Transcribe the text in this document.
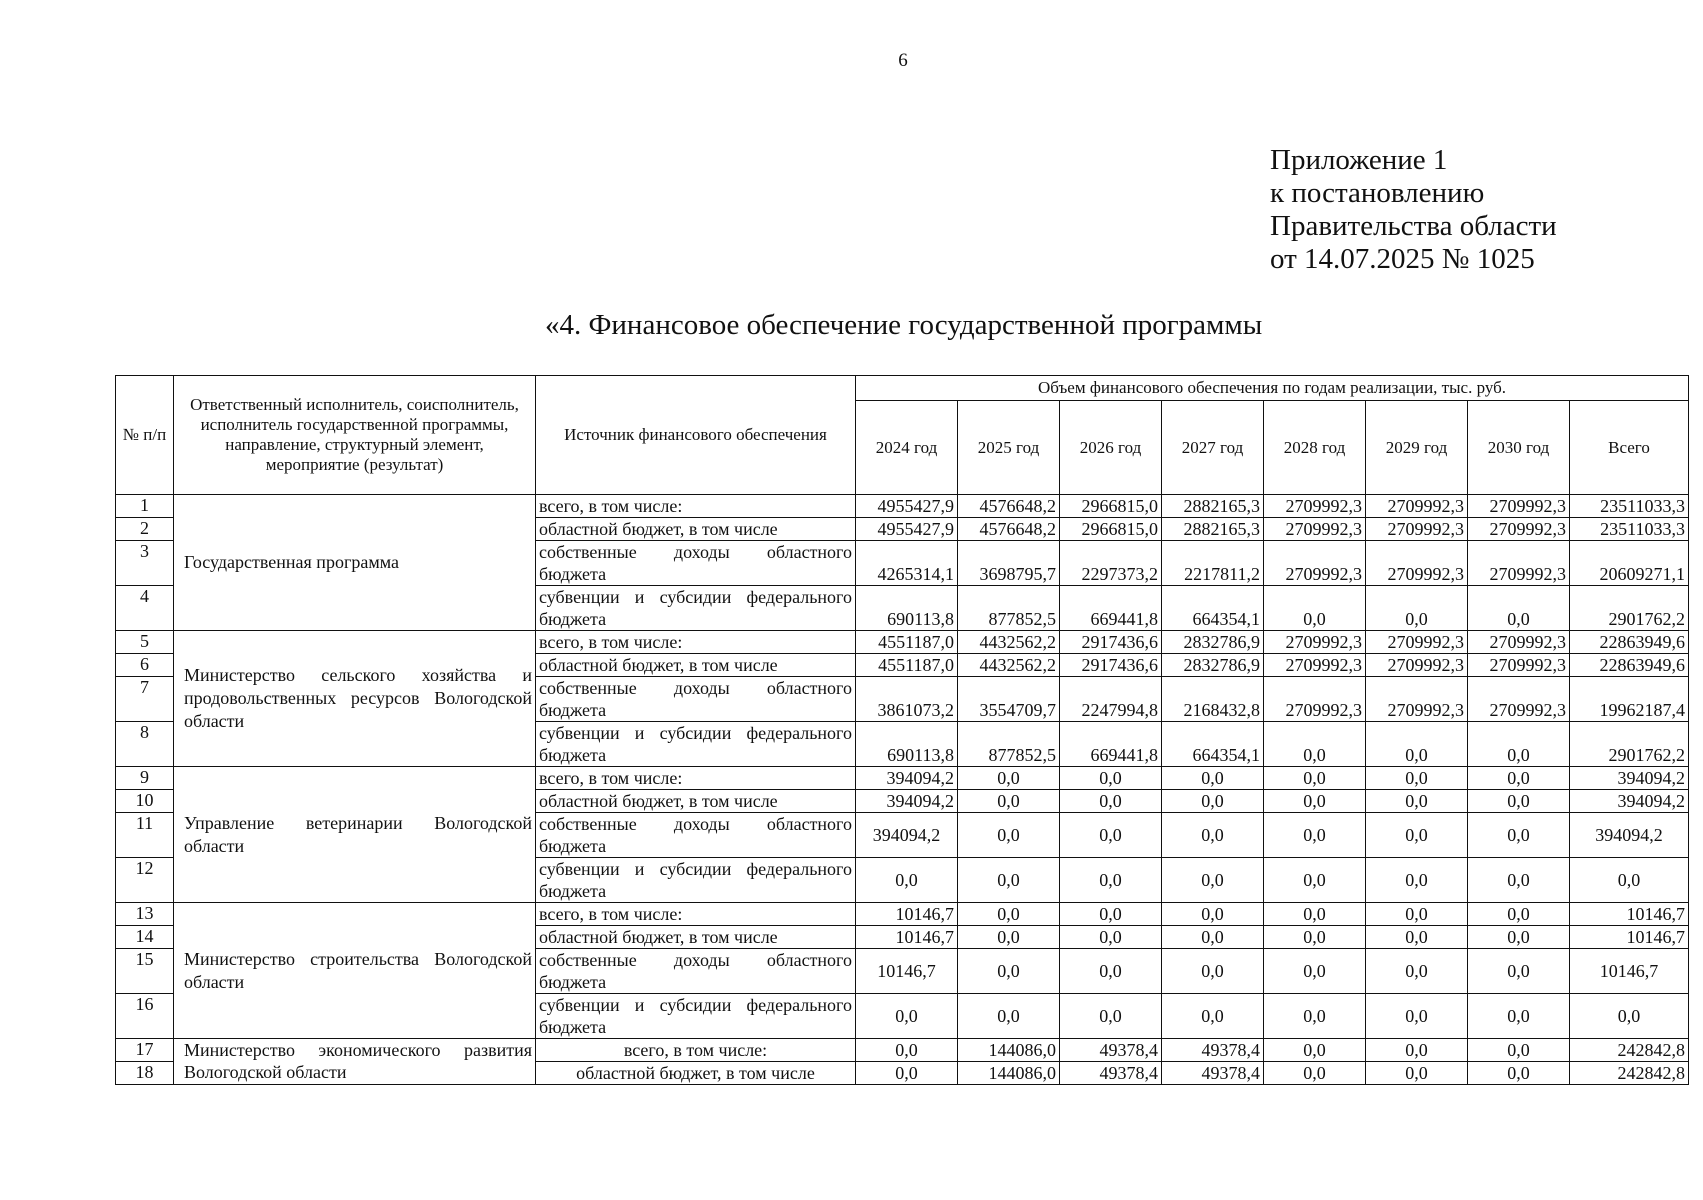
6
Приложение 1
к постановлению
Правительства области
от 14.07.2025 № 1025
«4. Финансовое обеспечение государственной программы
№ п/п	Ответственный исполнитель, соисполнитель, исполнитель государственной программы, направление, структурный элемент, мероприятие (результат)	Источник финансового обеспечения	Объем финансового обеспечения по годам реализации, тыс. руб.							
			2024 год	2025 год	2026 год	2027 год	2028 год	2029 год	2030 год	Всего
1	Государственная программа	всего, в том числе:	4955427,9	4576648,2	2966815,0	2882165,3	2709992,3	2709992,3	2709992,3	23511033,3
2		областной бюджет, в том числе	4955427,9	4576648,2	2966815,0	2882165,3	2709992,3	2709992,3	2709992,3	23511033,3
3		собственные доходы областного бюджета	4265314,1	3698795,7	2297373,2	2217811,2	2709992,3	2709992,3	2709992,3	20609271,1
4		субвенции и субсидии федерального бюджета	690113,8	877852,5	669441,8	664354,1	0,0	0,0	0,0	2901762,2
5	Министерство сельского хозяйства и продовольственных ресурсов Вологодской области	всего, в том числе:	4551187,0	4432562,2	2917436,6	2832786,9	2709992,3	2709992,3	2709992,3	22863949,6
6		областной бюджет, в том числе	4551187,0	4432562,2	2917436,6	2832786,9	2709992,3	2709992,3	2709992,3	22863949,6
7		собственные доходы областного бюджета	3861073,2	3554709,7	2247994,8	2168432,8	2709992,3	2709992,3	2709992,3	19962187,4
8		субвенции и субсидии федерального бюджета	690113,8	877852,5	669441,8	664354,1	0,0	0,0	0,0	2901762,2
9	Управление ветеринарии Вологодской области	всего, в том числе:	394094,2	0,0	0,0	0,0	0,0	0,0	0,0	394094,2
10		областной бюджет, в том числе	394094,2	0,0	0,0	0,0	0,0	0,0	0,0	394094,2
11		собственные доходы областного бюджета	394094,2	0,0	0,0	0,0	0,0	0,0	0,0	394094,2
12		субвенции и субсидии федерального бюджета	0,0	0,0	0,0	0,0	0,0	0,0	0,0	0,0
13	Министерство строительства Вологодской области	всего, в том числе:	10146,7	0,0	0,0	0,0	0,0	0,0	0,0	10146,7
14		областной бюджет, в том числе	10146,7	0,0	0,0	0,0	0,0	0,0	0,0	10146,7
15		собственные доходы областного бюджета	10146,7	0,0	0,0	0,0	0,0	0,0	0,0	10146,7
16		субвенции и субсидии федерального бюджета	0,0	0,0	0,0	0,0	0,0	0,0	0,0	0,0
17	Министерство экономического развития Вологодской области	всего, в том числе:	0,0	144086,0	49378,4	49378,4	0,0	0,0	0,0	242842,8
18		областной бюджет, в том числе	0,0	144086,0	49378,4	49378,4	0,0	0,0	0,0	242842,8
